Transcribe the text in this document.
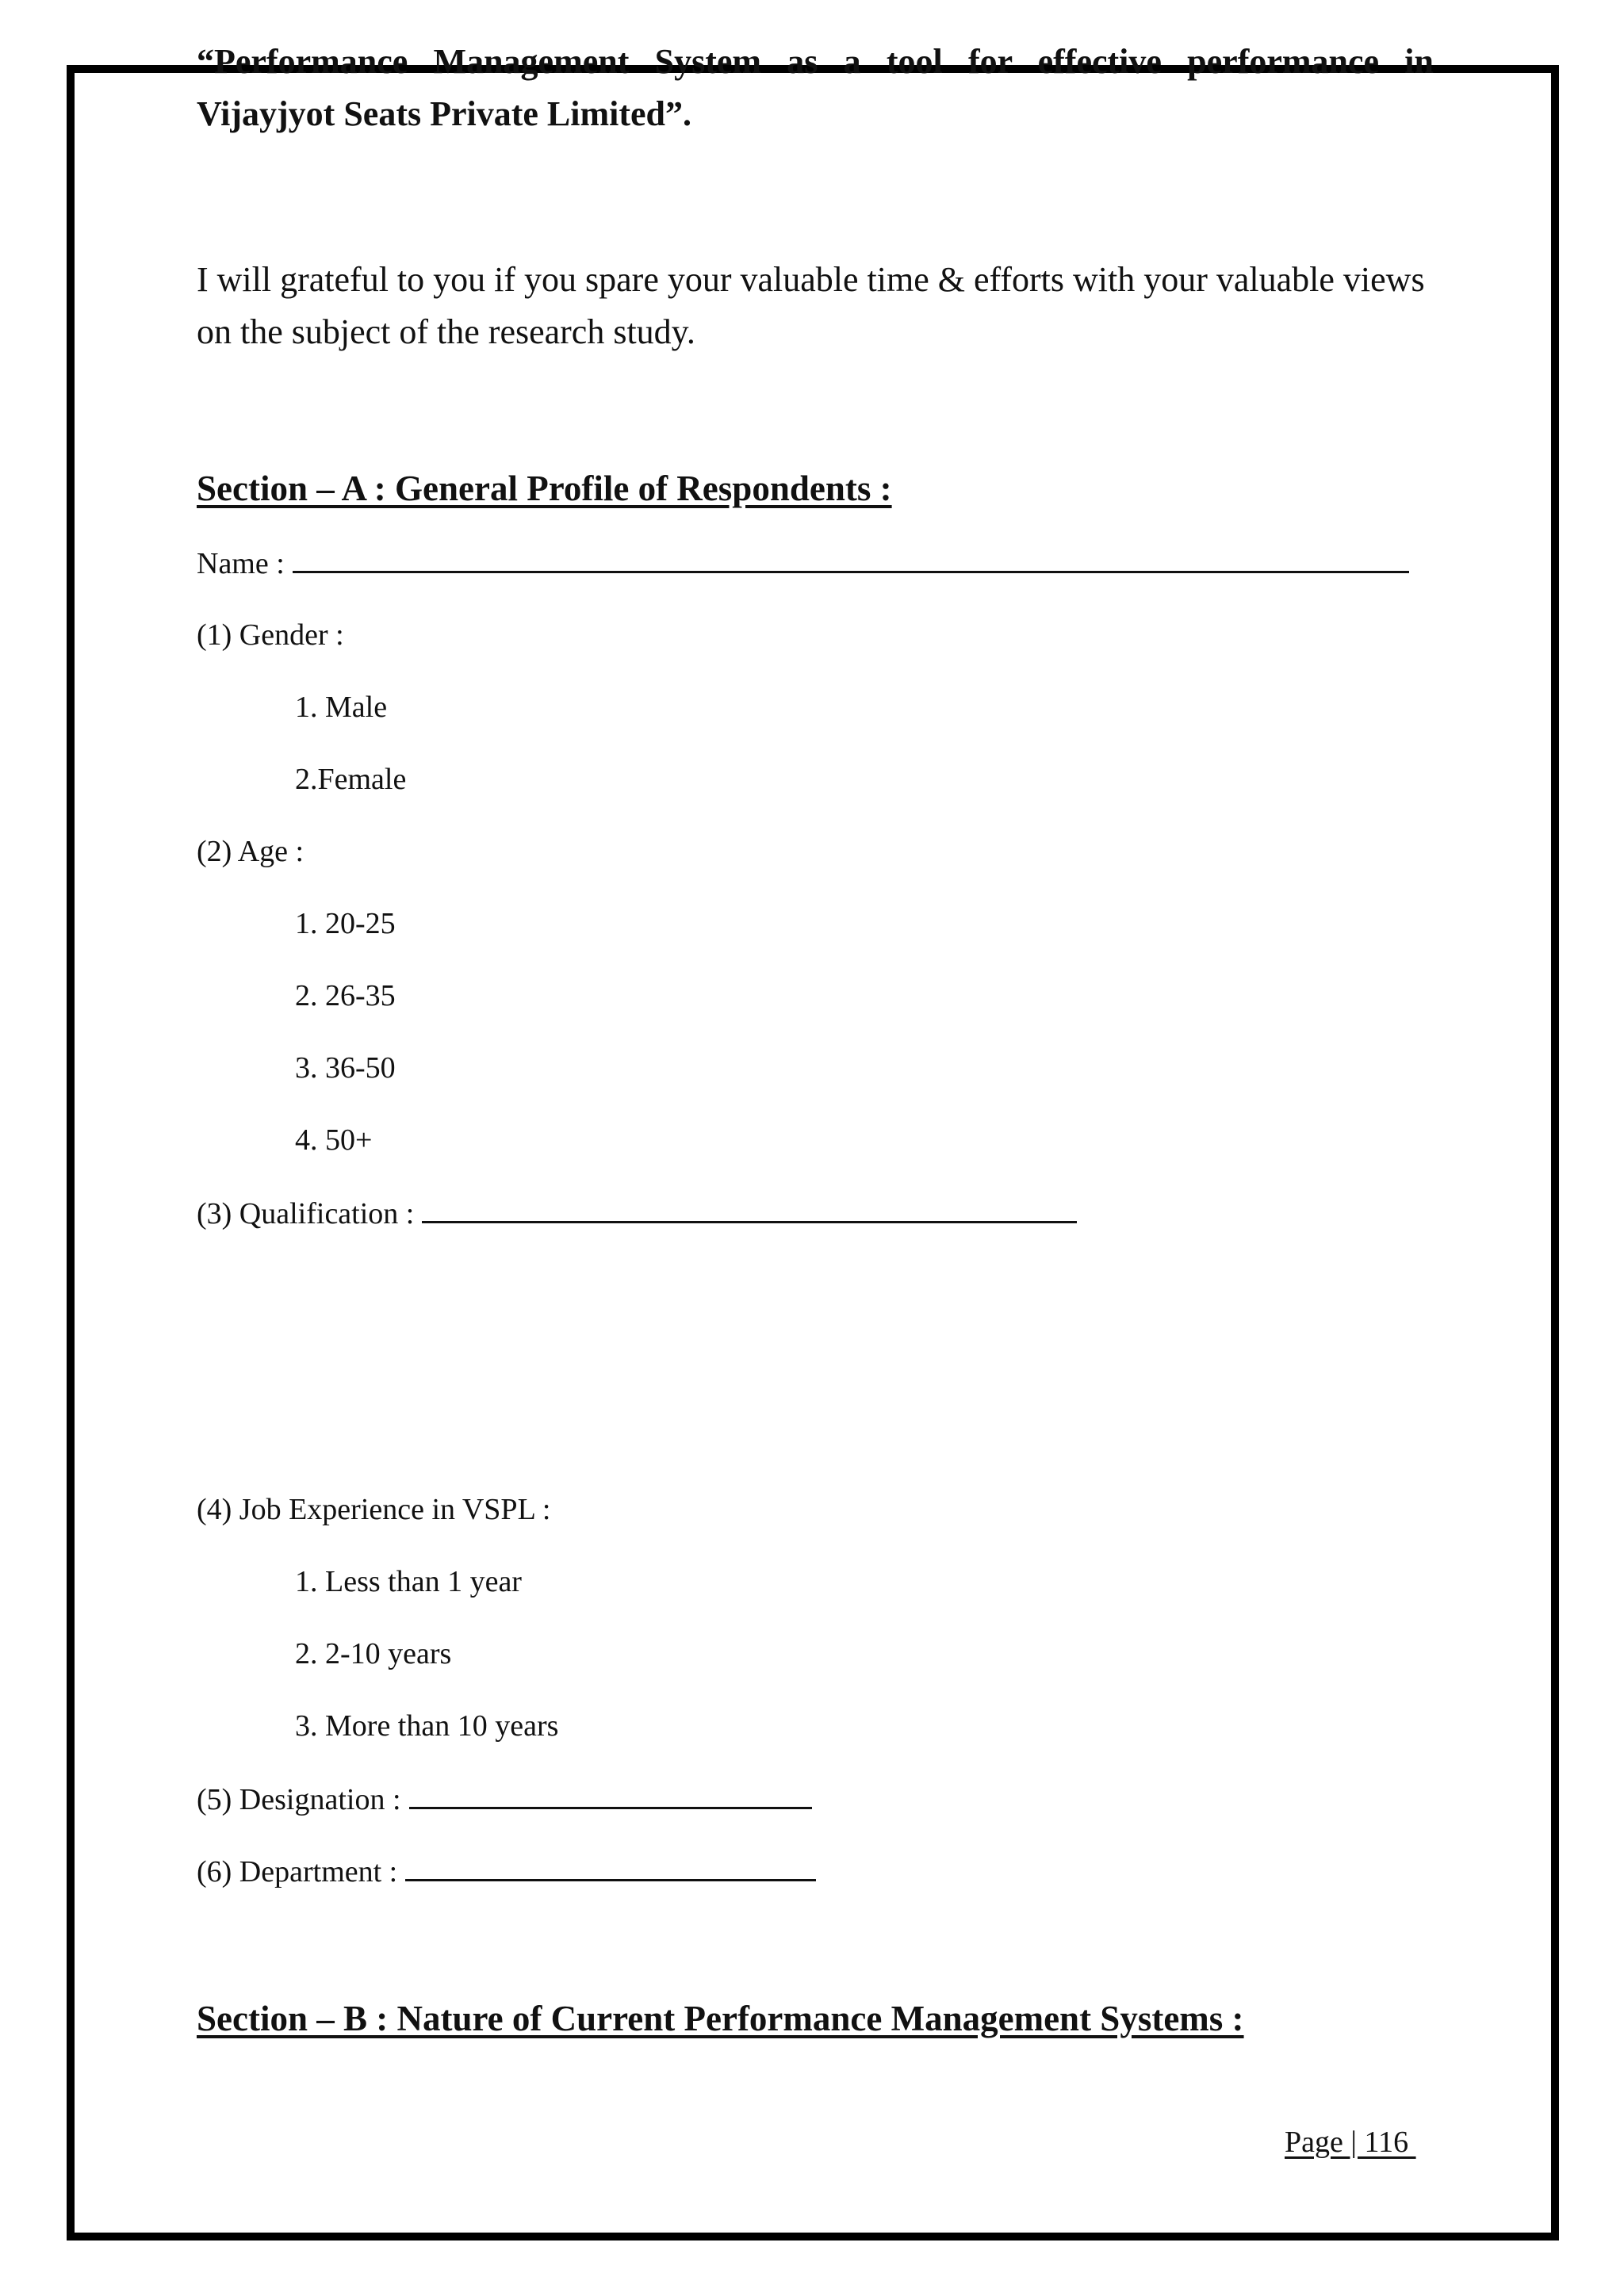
“Performance Management System as a tool for effective performance in
Vijayjyot Seats Private Limited”.
I will grateful to you if you spare your valuable time & efforts with your valuable views on the subject of the research study.
Section – A : General Profile of Respondents :
Name :
(1) Gender :
1. Male
2.Female
(2) Age :
1. 20-25
2. 26-35
3. 36-50
4. 50+
(3) Qualification :
(4) Job Experience in VSPL :
1. Less than 1 year
2. 2-10 years
3. More than 10 years
(5) Designation :
(6) Department :
Section – B : Nature of Current Performance Management Systems :
Page | 116
